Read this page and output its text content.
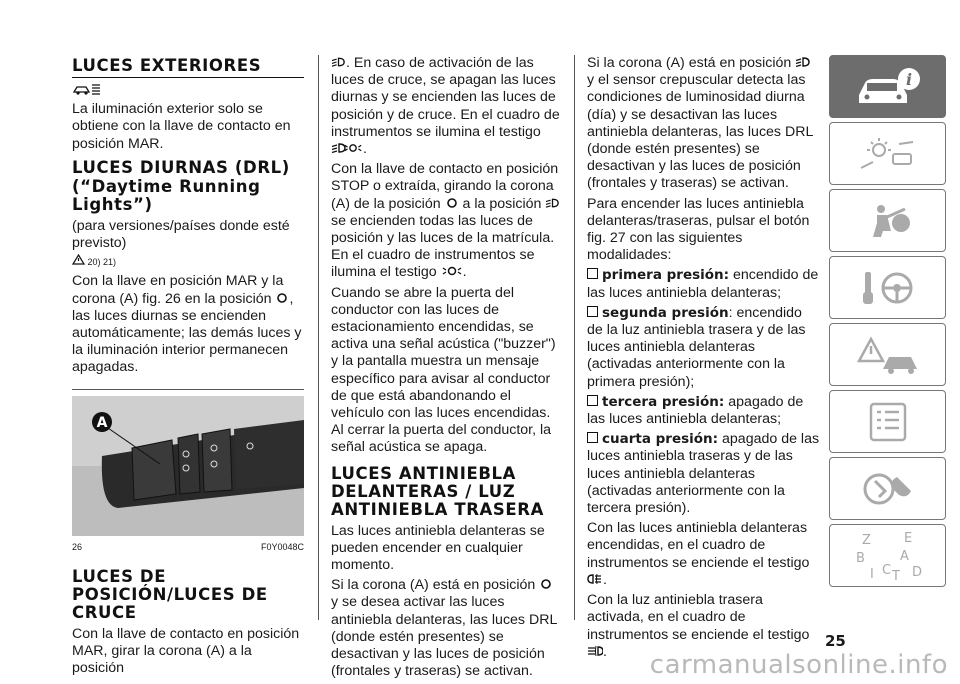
LUCES EXTERIORES

La iluminación exterior solo se obtiene con la llave de contacto en posición MAR.

LUCES DIURNAS (DRL)
(“Daytime Running Lights”)

(para versiones/países donde esté previsto)

20) 21)

Con la llave en posición MAR y la corona (A) fig. 26 en la posición , las luces diurnas se encienden automáticamente; las demás luces y la iluminación interior permanecen apagadas.

A
26	F0Y0048C
LUCES DE POSICIÓN/LUCES DE CRUCE

Con la llave de contacto en posición MAR, girar la corona (A) a la posición

. En caso de activación de las luces de cruce, se apagan las luces diurnas y se encienden las luces de posición y de cruce. En el cuadro de instrumentos se ilumina el testigo .

Con la llave de contacto en posición STOP o extraída, girando la corona (A) de la posición a la posición  se encienden todas las luces de posición y las luces de la matrícula. En el cuadro de instrumentos se ilumina el testigo .

Cuando se abre la puerta del conductor con las luces de estacionamiento encendidas, se activa una señal acústica ("buzzer") y la pantalla muestra un mensaje específico para avisar al conductor de que está abandonando el vehículo con las luces encendidas. Al cerrar la puerta del conductor, la señal acústica se apaga.

LUCES ANTINIEBLA DELANTERAS / LUZ ANTINIEBLA TRASERA

Las luces antiniebla delanteras se pueden encender en cualquier momento.

Si la corona (A) está en posición  y se desea activar las luces antiniebla delanteras, las luces DRL (donde estén presentes) se desactivan y las luces de posición (frontales y traseras) se activan.

Si la corona (A) está en posición  y el sensor crepuscular detecta las condiciones de luminosidad diurna (día) y se desactivan las luces antiniebla delanteras, las luces DRL (donde estén presentes) se desactivan y las luces de posición (frontales y traseras) se activan.

Para encender las luces antiniebla delanteras/traseras, pulsar el botón fig. 27 con las siguientes modalidades:

primera presión: encendido de las luces antiniebla delanteras;

segunda presión: encendido de la luz antiniebla trasera y de las luces antiniebla delanteras (activadas anteriormente con la primera presión);

tercera presión: apagado de las luces antiniebla delanteras;

cuarta presión: apagado de las luces antiniebla traseras y de las luces antiniebla delanteras (activadas anteriormente con la tercera presión).

Con las luces antiniebla delanteras encendidas, en el cuadro de instrumentos se enciende el testigo .

Con la luz antiniebla trasera activada, en el cuadro de instrumentos se enciende el testigo .

i
Z	E
B	A
I C T D
25
carmanualsonline.info
